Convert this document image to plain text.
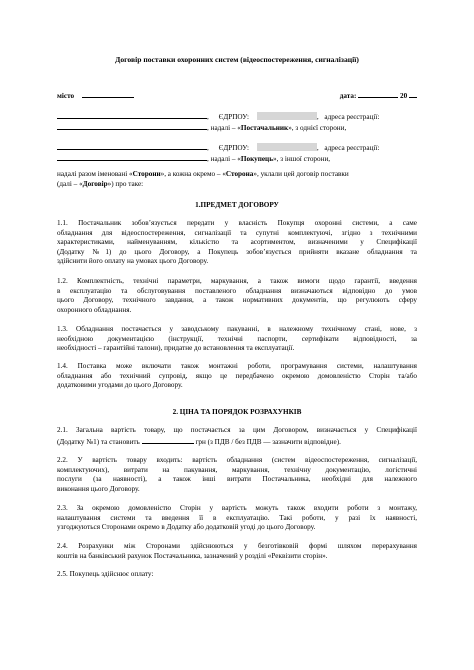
Договір поставки охоронних систем (відеоспостереження, сигналізації)
місто	дата:	20
, ЄДРПОУ:	, адреса реєстрації:
, надалі – «Постачальник», з однієї сторони,
, ЄДРПОУ:	, адреса реєстрації:
, надалі – «Покупець», з іншої сторони,
надалі разом іменовані «Сторони», а кожна окремо – «Сторона», уклали цей договір поставки
(далі – «Договір») про таке:
1.ПРЕДМЕТ ДОГОВОРУ
1.1. Постачальник зобов’язується передати у власність Покупця охоронні системи, а саме
обладнання для відеоспостереження, сигналізації та супутні комплектуючі, згідно з технічними
характеристиками, найменуванням, кількістю та асортиментом, визначеними у Специфікації
(Додатку №1) до цього Договору, а Покупець зобов’язується прийняти вказане обладнання та
здійснити його оплату на умовах цього Договору.
1.2. Комплектність, технічні параметри, маркування, а також вимоги щодо гарантії, введення
в експлуатацію та обслуговування поставленого обладнання визначаються відповідно до умов
цього Договору, технічного завдання, а також нормативних документів, що регулюють сферу
охоронного обладнання.
1.3. Обладнання постачається у заводському пакуванні, в належному технічному стані, нове, з
необхідною документацією (інструкції, технічні паспорти, сертифікати відповідності, за
необхідності – гарантійні талони), придатне до встановлення та експлуатації.
1.4. Поставка може включати також монтажні роботи, програмування системи, налаштування
обладнання або технічний супровід, якщо це передбачено окремою домовленістю Сторін та/або
додатковими угодами до цього Договору.
2. ЦІНА ТА ПОРЯДОК РОЗРАХУНКІВ
2.1. Загальна вартість товару, що постачається за цим Договором, визначається у Специфікації
(Додатку №1) та становить	грн (з ПДВ / без ПДВ — зазначити відповідне).
2.2. У вартість товару входить: вартість обладнання (систем відеоспостереження, сигналізації,
комплектуючих), витрати на пакування, маркування, технічну документацію, логістичні
послуги (за наявності), а також інші витрати Постачальника, необхідні для належного
виконання цього Договору.
2.3. За окремою домовленістю Сторін у вартість можуть також входити роботи з монтажу,
налаштування системи та введення її в експлуатацію. Такі роботи, у разі їх наявності,
узгоджуються Сторонами окремо в Додатку або додатковій угоді до цього Договору.
2.4. Розрахунки між Сторонами здійснюються у безготівковій формі шляхом перерахування
коштів на банківський рахунок Постачальника, зазначений у розділі «Реквізити сторін».
2.5. Покупець здійснює оплату:
